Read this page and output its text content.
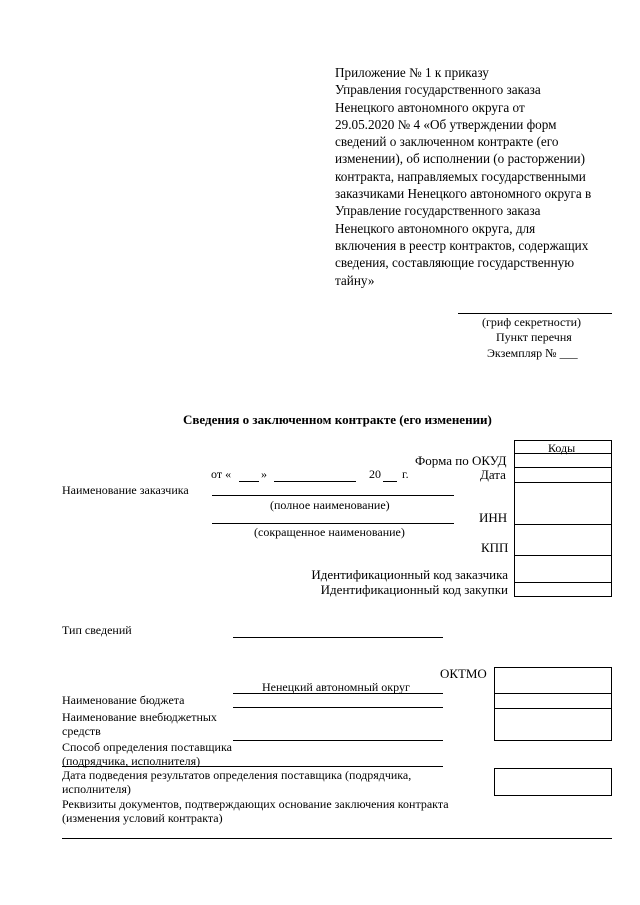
Приложение № 1 к приказу
Управления государственного заказа
Ненецкого автономного округа от
29.05.2020 № 4 «Об утверждении форм
сведений о заключенном контракте (его
изменении), об исполнении (о расторжении)
контракта, направляемых государственными
заказчиками Ненецкого автономного округа в
Управление государственного заказа
Ненецкого автономного округа, для
включения в реестр контрактов, содержащих
сведения, составляющие государственную
тайну»
(гриф секретности)
Пункт перечня
Экземпляр № ___
Сведения о заключенном контракте (его изменении)
Коды
Форма по ОКУД
Дата
от « »	20 г.
Наименование заказчика
(полное наименование)
(сокращенное наименование)
ИНН
КПП
Идентификационный код заказчика
Идентификационный код закупки
Тип сведений
ОКТМО
Ненецкий автономный округ
Наименование бюджета
Наименование внебюджетных
средств
Способ определения поставщика
(подрядчика, исполнителя)
Дата подведения результатов определения поставщика (подрядчика,
исполнителя)
Реквизиты документов, подтверждающих основание заключения контракта
(изменения условий контракта)
